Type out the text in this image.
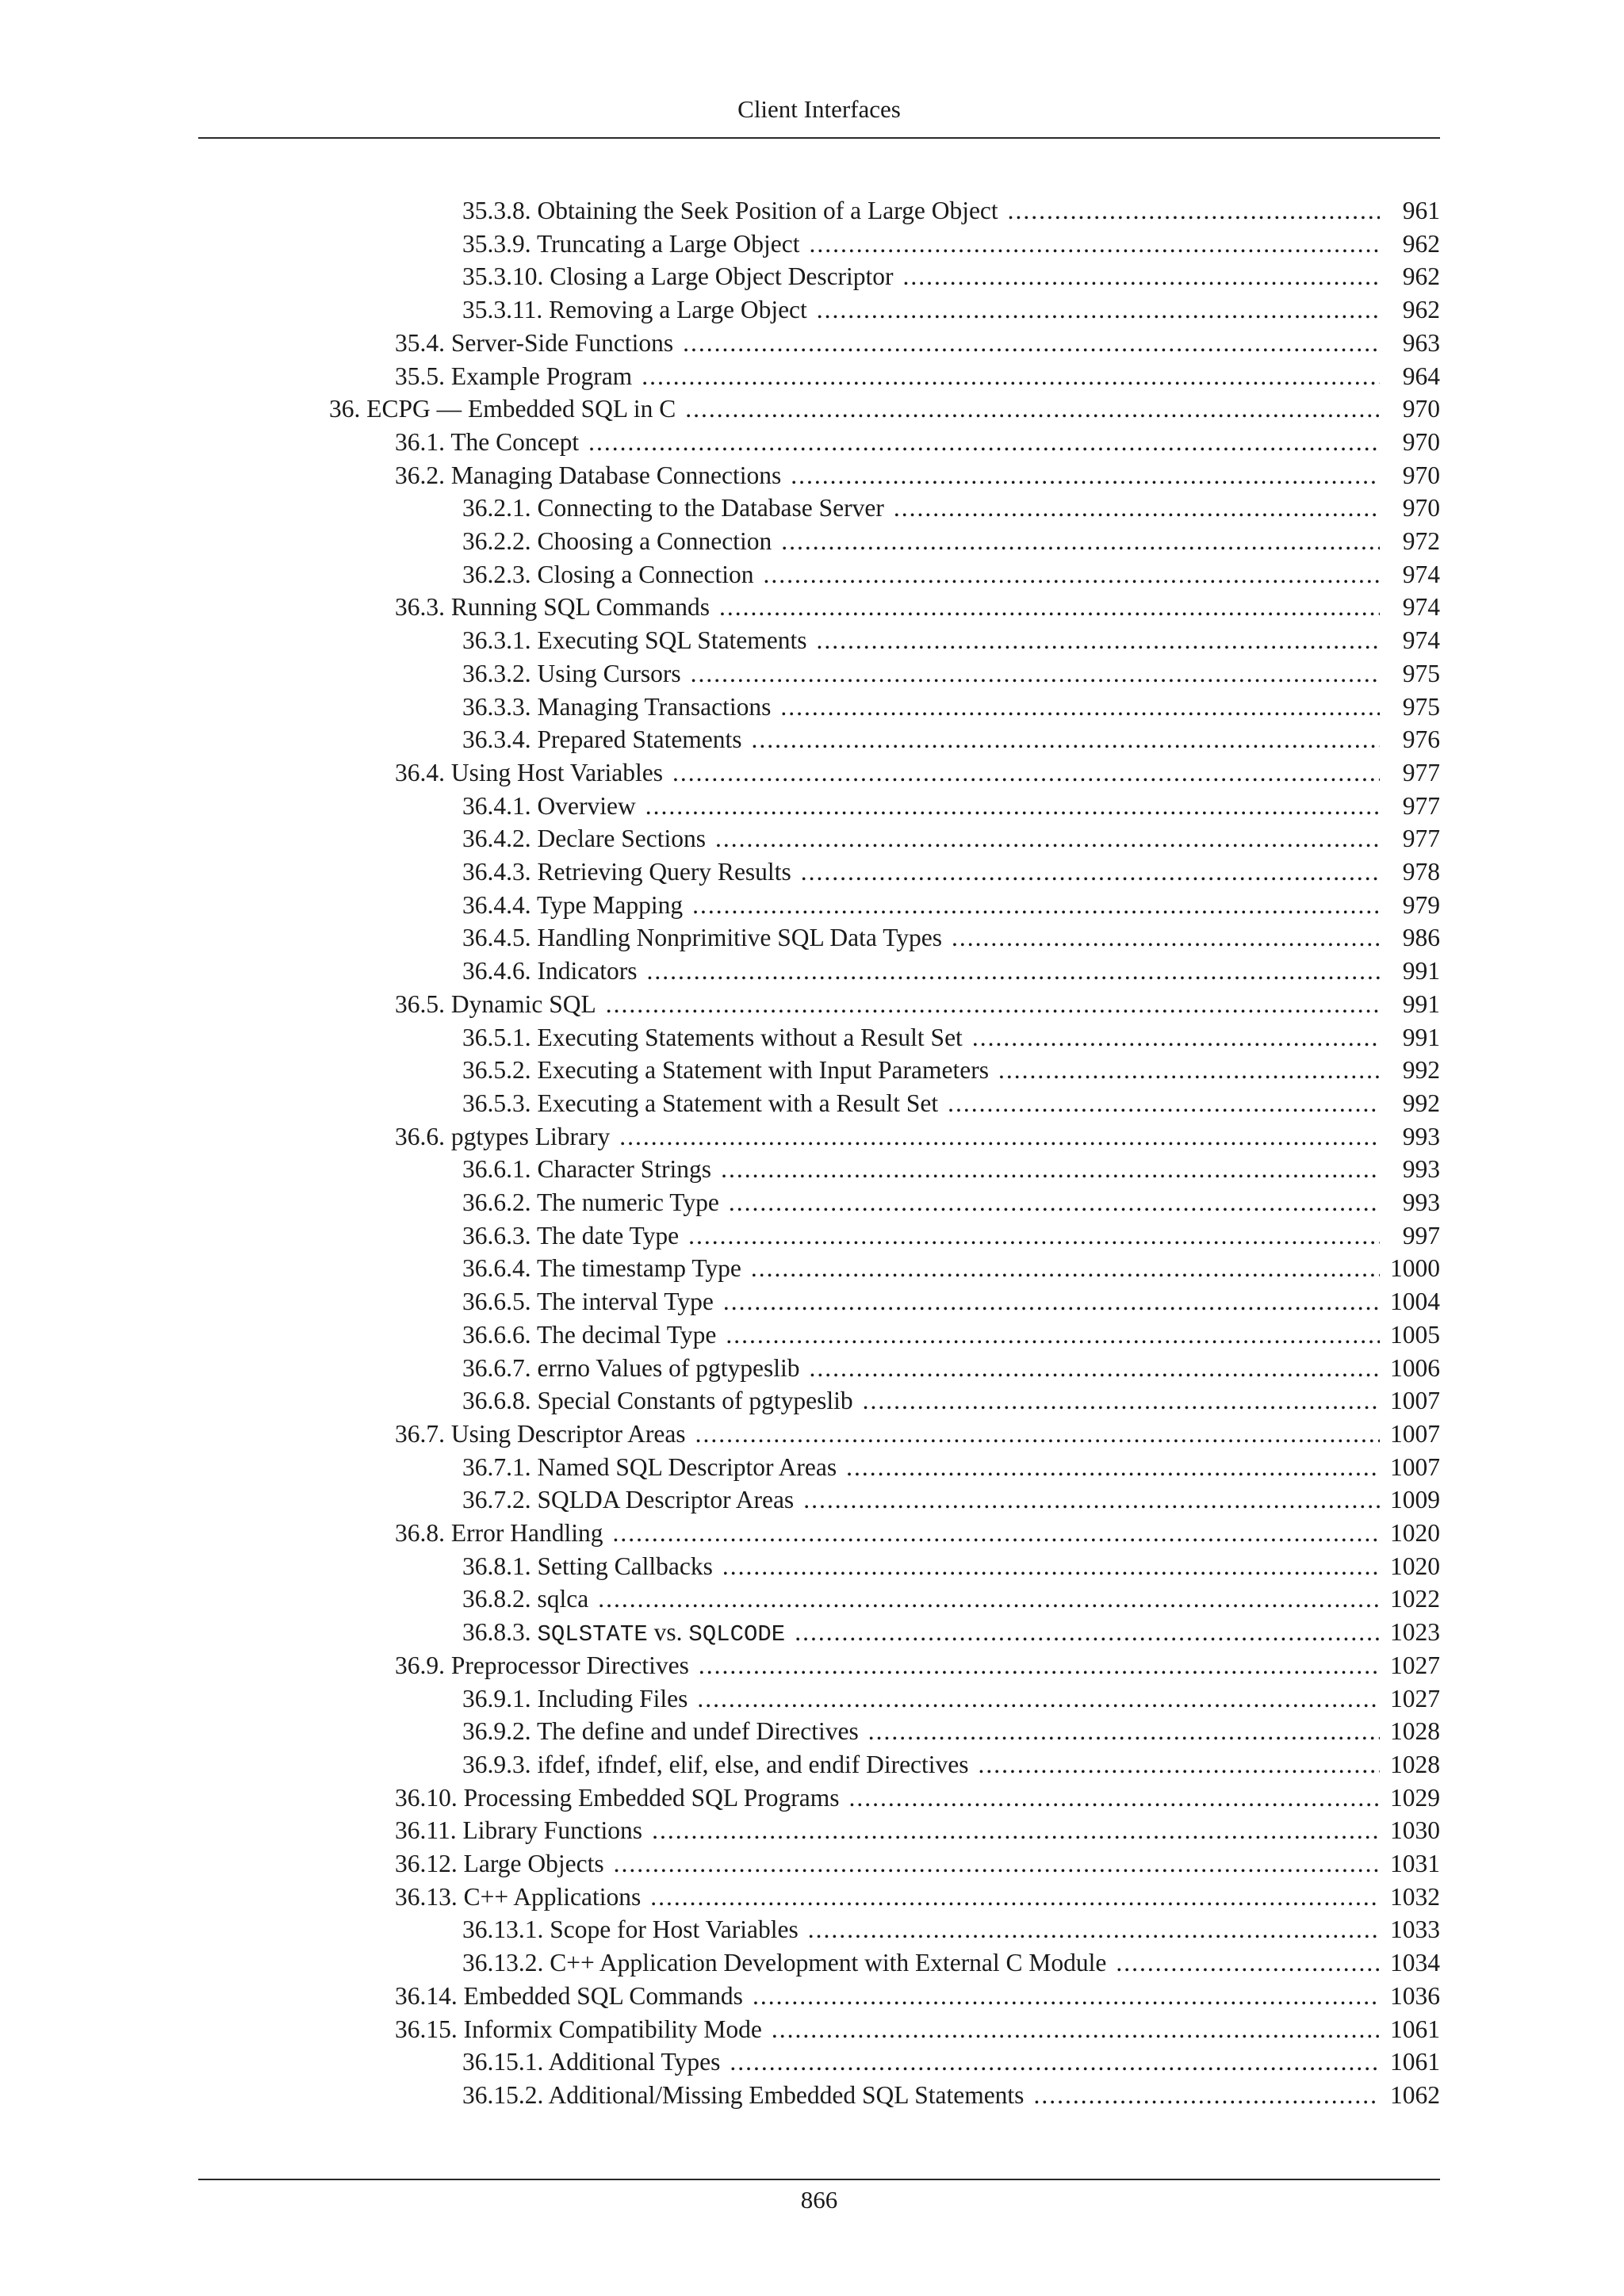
Client Interfaces
35.3.8. Obtaining the Seek Position of a Large Object .....	961
35.3.9. Truncating a Large Object .....	962
35.3.10. Closing a Large Object Descriptor .....	962
35.3.11. Removing a Large Object .....	962
35.4. Server-Side Functions .....	963
35.5. Example Program .....	964
36. ECPG — Embedded SQL in C .....	970
36.1. The Concept .....	970
36.2. Managing Database Connections .....	970
36.2.1. Connecting to the Database Server .....	970
36.2.2. Choosing a Connection .....	972
36.2.3. Closing a Connection .....	974
36.3. Running SQL Commands .....	974
36.3.1. Executing SQL Statements .....	974
36.3.2. Using Cursors .....	975
36.3.3. Managing Transactions .....	975
36.3.4. Prepared Statements .....	976
36.4. Using Host Variables .....	977
36.4.1. Overview .....	977
36.4.2. Declare Sections .....	977
36.4.3. Retrieving Query Results .....	978
36.4.4. Type Mapping .....	979
36.4.5. Handling Nonprimitive SQL Data Types .....	986
36.4.6. Indicators .....	991
36.5. Dynamic SQL .....	991
36.5.1. Executing Statements without a Result Set .....	991
36.5.2. Executing a Statement with Input Parameters .....	992
36.5.3. Executing a Statement with a Result Set .....	992
36.6. pgtypes Library .....	993
36.6.1. Character Strings .....	993
36.6.2. The numeric Type .....	993
36.6.3. The date Type .....	997
36.6.4. The timestamp Type .....	1000
36.6.5. The interval Type .....	1004
36.6.6. The decimal Type .....	1005
36.6.7. errno Values of pgtypeslib .....	1006
36.6.8. Special Constants of pgtypeslib .....	1007
36.7. Using Descriptor Areas .....	1007
36.7.1. Named SQL Descriptor Areas .....	1007
36.7.2. SQLDA Descriptor Areas .....	1009
36.8. Error Handling .....	1020
36.8.1. Setting Callbacks .....	1020
36.8.2. sqlca .....	1022
36.8.3. SQLSTATE vs. SQLCODE .....	1023
36.9. Preprocessor Directives .....	1027
36.9.1. Including Files .....	1027
36.9.2. The define and undef Directives .....	1028
36.9.3. ifdef, ifndef, elif, else, and endif Directives .....	1028
36.10. Processing Embedded SQL Programs .....	1029
36.11. Library Functions .....	1030
36.12. Large Objects .....	1031
36.13. C++ Applications .....	1032
36.13.1. Scope for Host Variables .....	1033
36.13.2. C++ Application Development with External C Module .....	1034
36.14. Embedded SQL Commands .....	1036
36.15. Informix Compatibility Mode .....	1061
36.15.1. Additional Types .....	1061
36.15.2. Additional/Missing Embedded SQL Statements .....	1062
866
